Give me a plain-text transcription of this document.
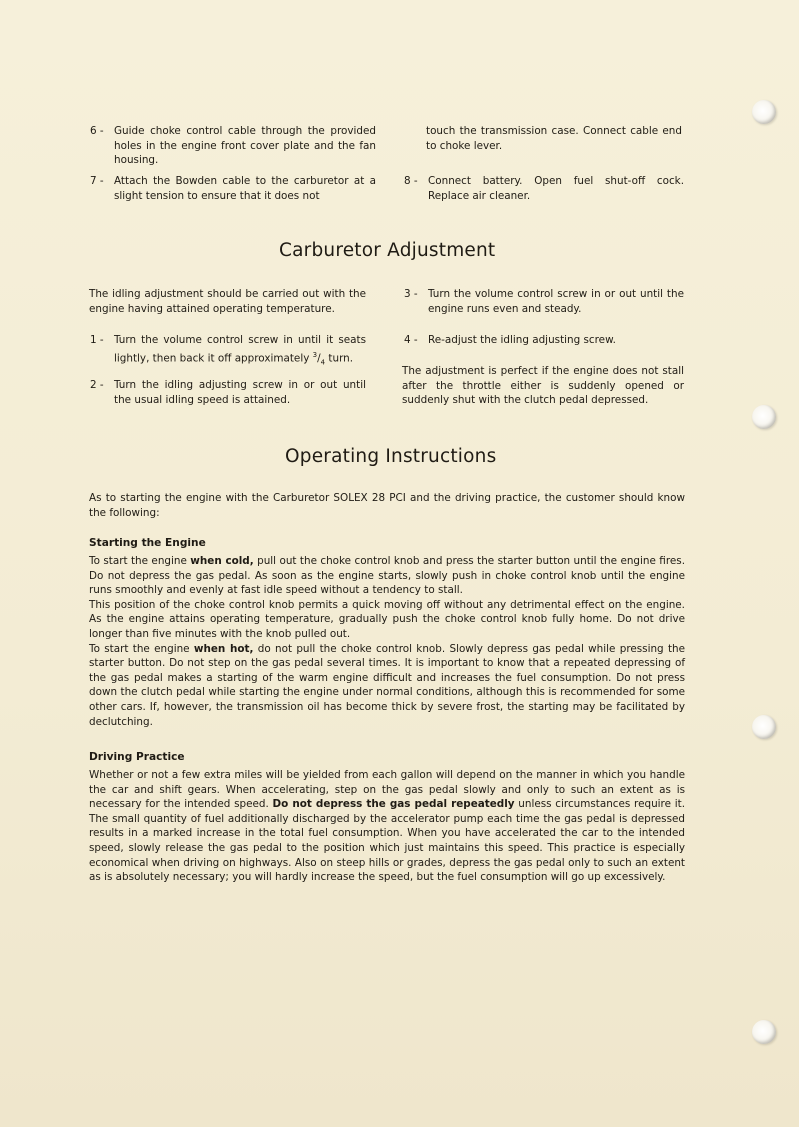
6 - Guide choke control cable through the provided holes in the engine front cover plate and the fan housing.
7 - Attach the Bowden cable to the carburetor at a slight tension to ensure that it does not
touch the transmission case. Connect cable end to choke lever.
8 - Connect battery. Open fuel shut-off cock. Replace air cleaner.
Carburetor Adjustment
The idling adjustment should be carried out with the engine having attained operating temperature.
1 - Turn the volume control screw in until it seats lightly, then back it off approximately $^3/_4$ turn.
2 - Turn the idling adjusting screw in or out until the usual idling speed is attained.
3 - Turn the volume control screw in or out until the engine runs even and steady.
4 - Re-adjust the idling adjusting screw.
The adjustment is perfect if the engine does not stall after the throttle either is suddenly opened or suddenly shut with the clutch pedal depressed.
Operating Instructions
As to starting the engine with the Carburetor SOLEX 28 PCI and the driving practice, the customer should know the following:
Starting the Engine

To start the engine when cold, pull out the choke control knob and press the starter button until the engine fires. Do not depress the gas pedal. As soon as the engine starts, slowly push in choke control knob until the engine runs smoothly and evenly at fast idle speed without a tendency to stall.

This position of the choke control knob permits a quick moving off without any detrimental effect on the engine. As the engine attains operating temperature, gradually push the choke control knob fully home. Do not drive longer than five minutes with the knob pulled out.

To start the engine when hot, do not pull the choke control knob. Slowly depress gas pedal while pressing the starter button. Do not step on the gas pedal several times. It is important to know that a repeated depressing of the gas pedal makes a starting of the warm engine difficult and increases the fuel consumption. Do not press down the clutch pedal while starting the engine under normal conditions, although this is recommended for some other cars. If, however, the transmission oil has become thick by severe frost, the starting may be facilitated by declutching.

Driving Practice

Whether or not a few extra miles will be yielded from each gallon will depend on the manner in which you handle the car and shift gears. When accelerating, step on the gas pedal slowly and only to such an extent as is necessary for the intended speed. Do not depress the gas pedal repeatedly unless circumstances require it. The small quantity of fuel additionally discharged by the accelerator pump each time the gas pedal is depressed results in a marked increase in the total fuel consumption. When you have accelerated the car to the intended speed, slowly release the gas pedal to the position which just maintains this speed. This practice is especially economical when driving on highways. Also on steep hills or grades, depress the gas pedal only to such an extent as is absolutely necessary; you will hardly increase the speed, but the fuel consumption will go up excessively.
